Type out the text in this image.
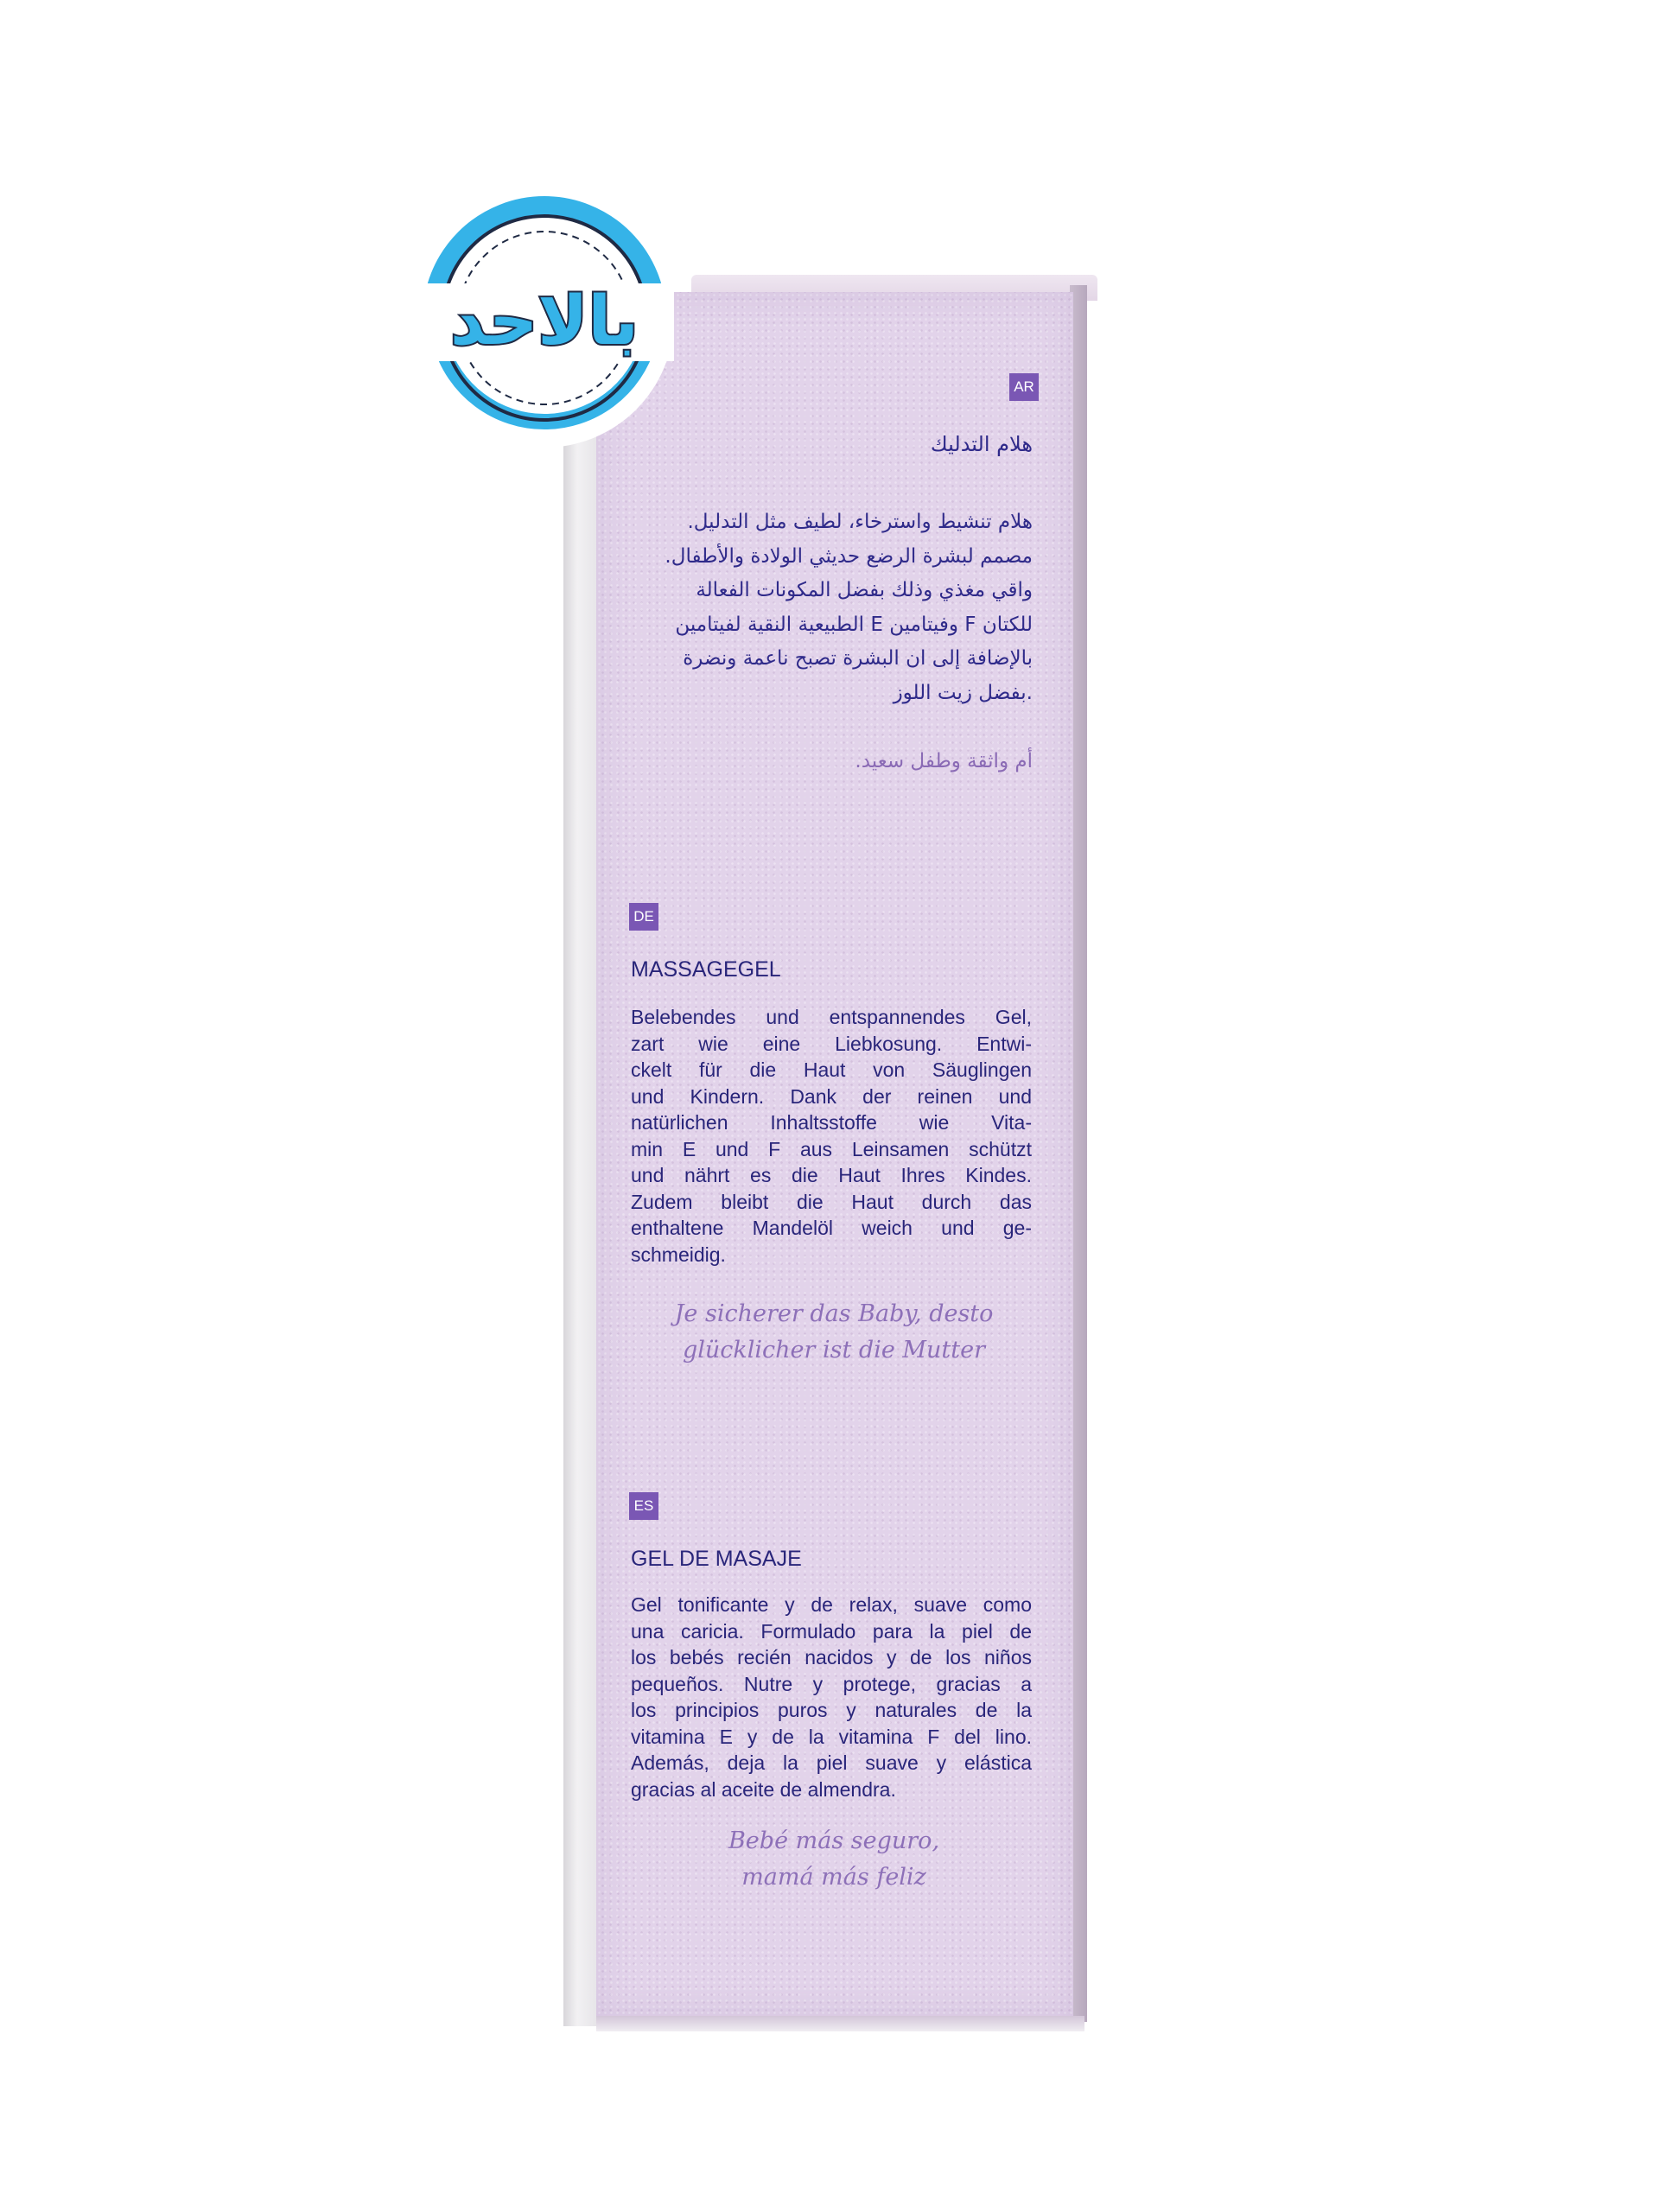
AR
هلام التدليك
هلام تنشيط واسترخاء، لطيف مثل التدليل.
مصمم لبشرة الرضع حديثي الولادة والأطفال.
واقي مغذي وذلك بفضل المكونات الفعالة
للكتان F وفيتامين E الطبيعية النقية لفيتامين
بالإضافة إلى ان البشرة تصبح ناعمة ونضرة
.بفضل زيت اللوز
أم واثقة وطفل سعيد.
DE
MASSAGEGEL
Belebendes und entspannendes Gel,
zart wie eine Liebkosung. Entwi-
ckelt für die Haut von Säuglingen
und Kindern. Dank der reinen und
natürlichen Inhaltsstoffe wie Vita-
min E und F aus Leinsamen schützt
und nährt es die Haut Ihres Kindes.
Zudem bleibt die Haut durch das
enthaltene Mandelöl weich und ge-
schmeidig.
Je sicherer das Baby, desto
glücklicher ist die Mutter
ES
GEL DE MASAJE
Gel tonificante y de relax, suave como
una caricia. Formulado para la piel de
los bebés recién nacidos y de los niños
pequeños. Nutre y protege, gracias a
los principios puros y naturales de la
vitamina E y de la vitamina F del lino.
Además, deja la piel suave y elástica
gracias al aceite de almendra.
Bebé más seguro,
mamá más feliz
بالاحد
